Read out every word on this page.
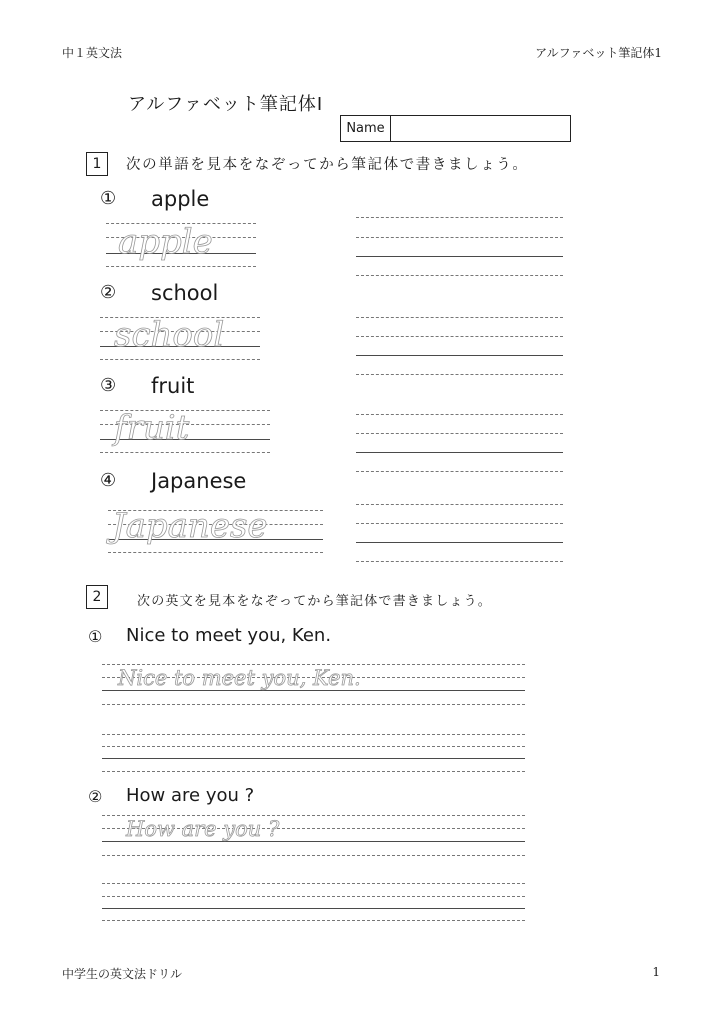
中１英文法	アルファベット筆記体1
アルファベット筆記体Ⅰ
Name
1	次の単語を見本をなぞってから筆記体で書きましょう。
① apple
apple
② school
school
③ fruit
fruit
④ Japanese
Japanese
2	次の英文を見本をなぞってから筆記体で書きましょう。
① Nice to meet you, Ken.
Nice to meet you, Ken.
② How are you ?
How are you ?
中学生の英文法ドリル	1
